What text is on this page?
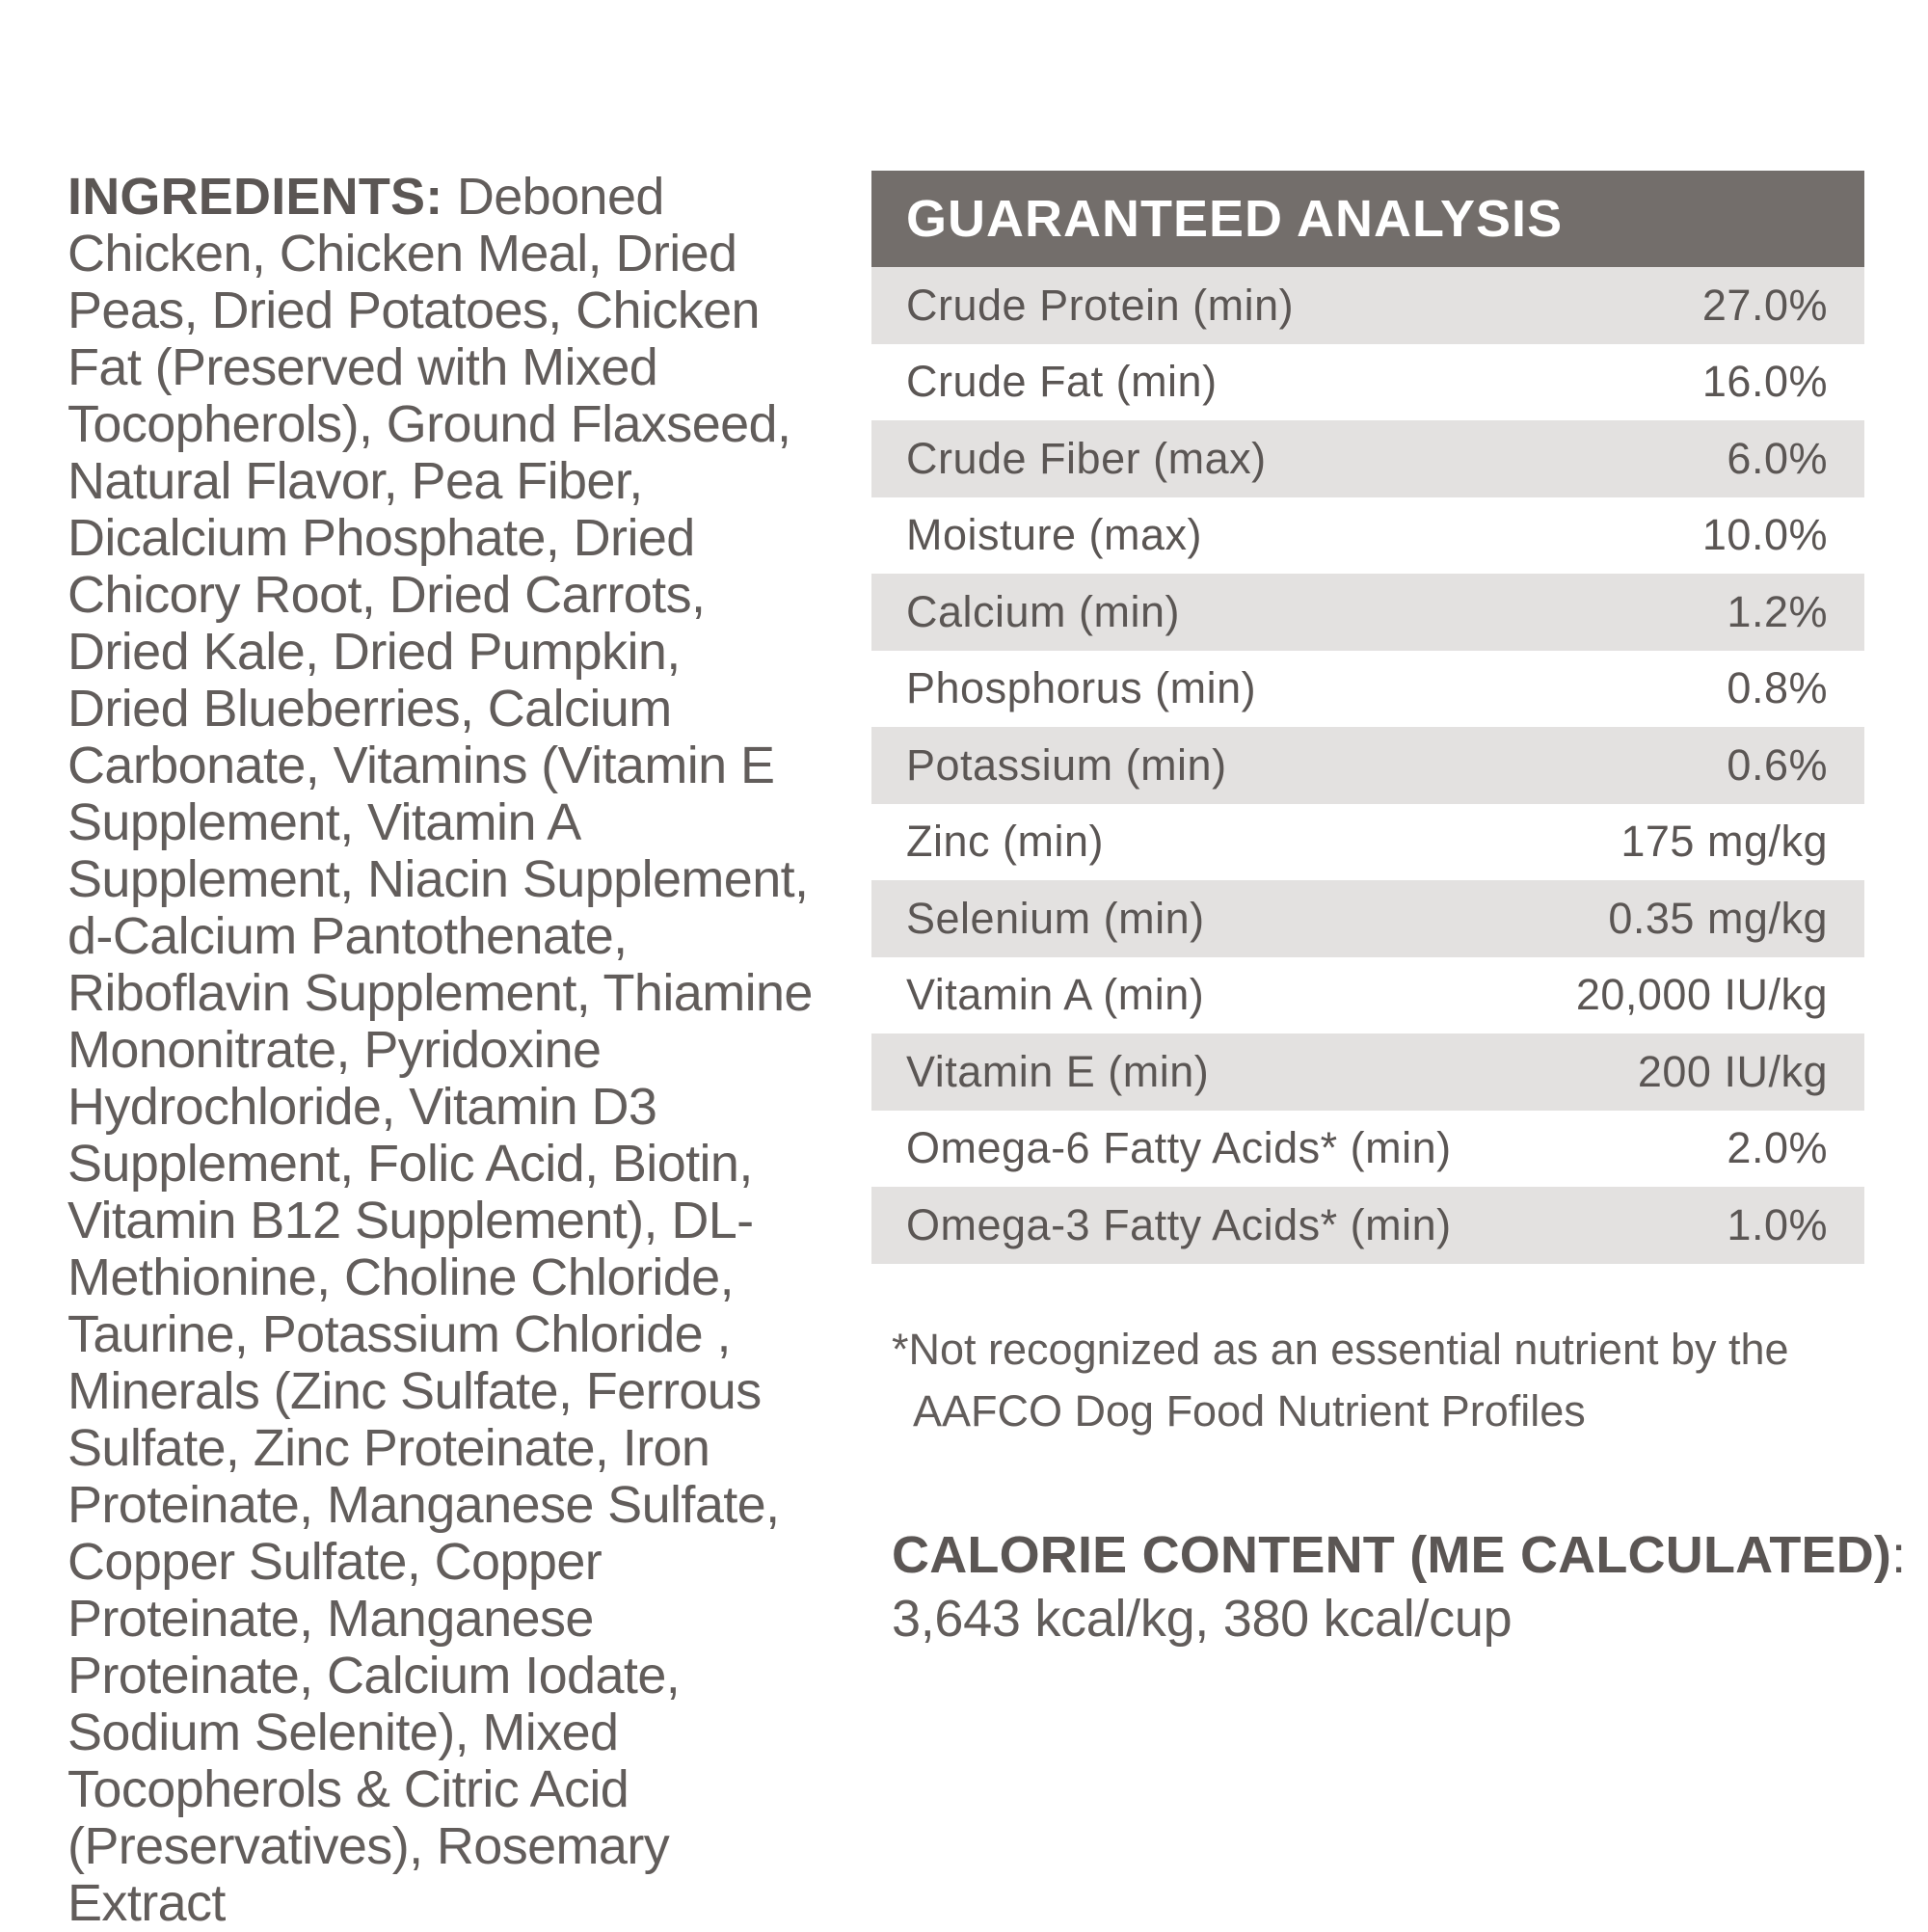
INGREDIENTS: Deboned Chicken, Chicken Meal, Dried Peas, Dried Potatoes, Chicken Fat (Preserved with Mixed Tocopherols), Ground Flaxseed, Natural Flavor, Pea Fiber, Dicalcium Phosphate, Dried Chicory Root, Dried Carrots, Dried Kale, Dried Pumpkin, Dried Blueberries, Calcium Carbonate, Vitamins (Vitamin E Supplement, Vitamin A Supplement, Niacin Supplement, d-Calcium Pantothenate, Riboflavin Supplement, Thiamine Mononitrate, Pyridoxine Hydrochloride, Vitamin D3 Supplement, Folic Acid, Biotin, Vitamin B12 Supplement), DL-Methionine, Choline Chloride, Taurine, Potassium Chloride , Minerals (Zinc Sulfate, Ferrous Sulfate, Zinc Proteinate, Iron Proteinate, Manganese Sulfate, Copper Sulfate, Copper Proteinate, Manganese Proteinate, Calcium Iodate, Sodium Selenite), Mixed Tocopherols & Citric Acid (Preservatives), Rosemary Extract

GUARANTEED ANALYSIS
Crude Protein (min)	27.0%
Crude Fat (min)	16.0%
Crude Fiber (max)	6.0%
Moisture (max)	10.0%
Calcium (min)	1.2%
Phosphorus (min)	0.8%
Potassium (min)	0.6%
Zinc (min)	175 mg/kg
Selenium (min)	0.35 mg/kg
Vitamin A (min)	20,000 IU/kg
Vitamin E (min)	200 IU/kg
Omega-6 Fatty Acids* (min)	2.0%
Omega-3 Fatty Acids* (min)	1.0%

*Not recognized as an essential nutrient by the
AAFCO Dog Food Nutrient Profiles

CALORIE CONTENT (ME CALCULATED):
3,643 kcal/kg, 380 kcal/cup
